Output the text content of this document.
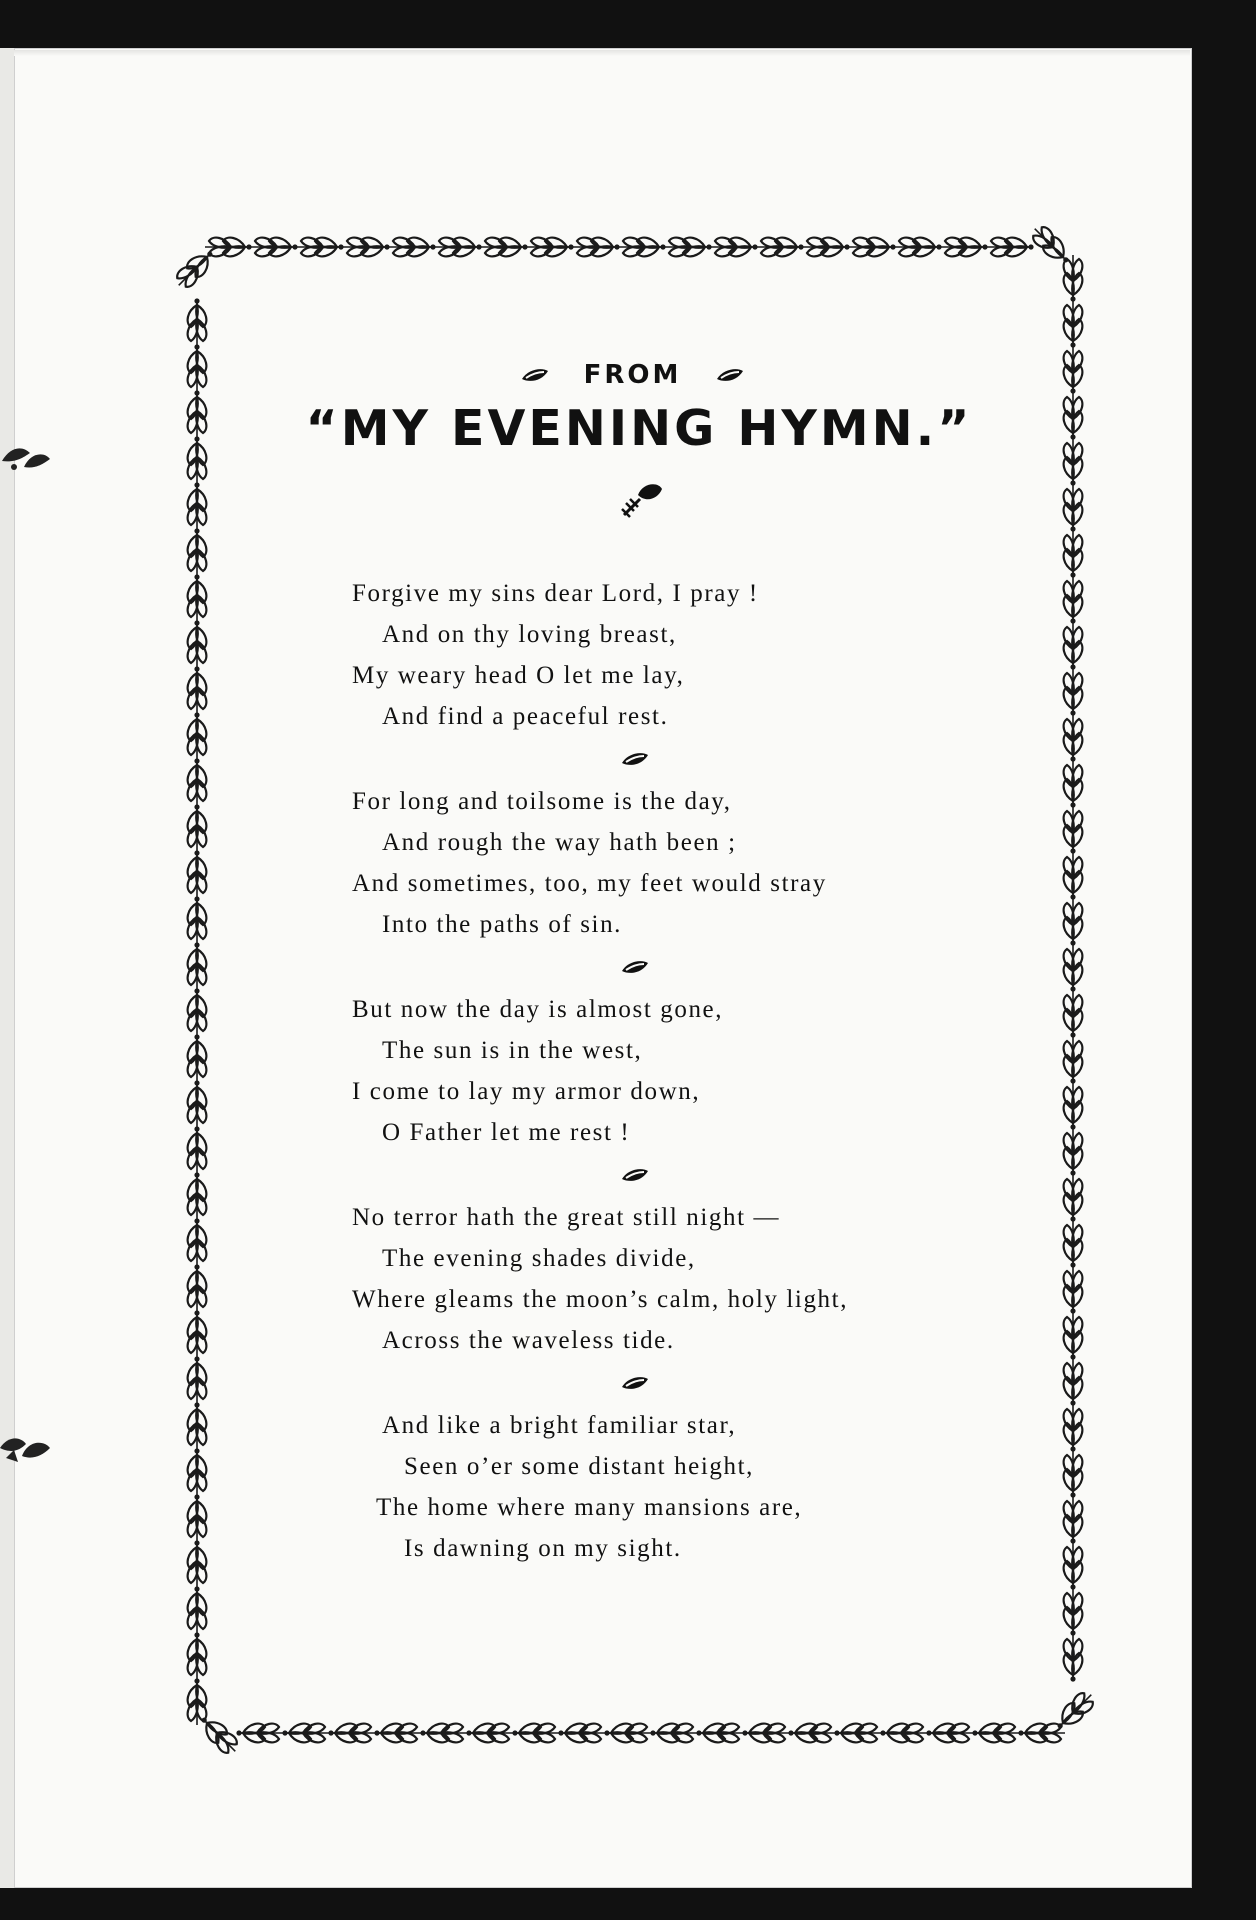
FROM
“MY EVENING HYMN.”
Forgive my sins dear Lord, I pray !
And on thy loving breast,
My weary head O let me lay,
And find a peaceful rest.
For long and toilsome is the day,
And rough the way hath been ;
And sometimes, too, my feet would stray
Into the paths of sin.
But now the day is almost gone,
The sun is in the west,
I come to lay my armor down,
O Father let me rest !
No terror hath the great still night —
The evening shades divide,
Where gleams the moon’s calm, holy light,
Across the waveless tide.
And like a bright familiar star,
Seen o’er some distant height,
The home where many mansions are,
Is dawning on my sight.
